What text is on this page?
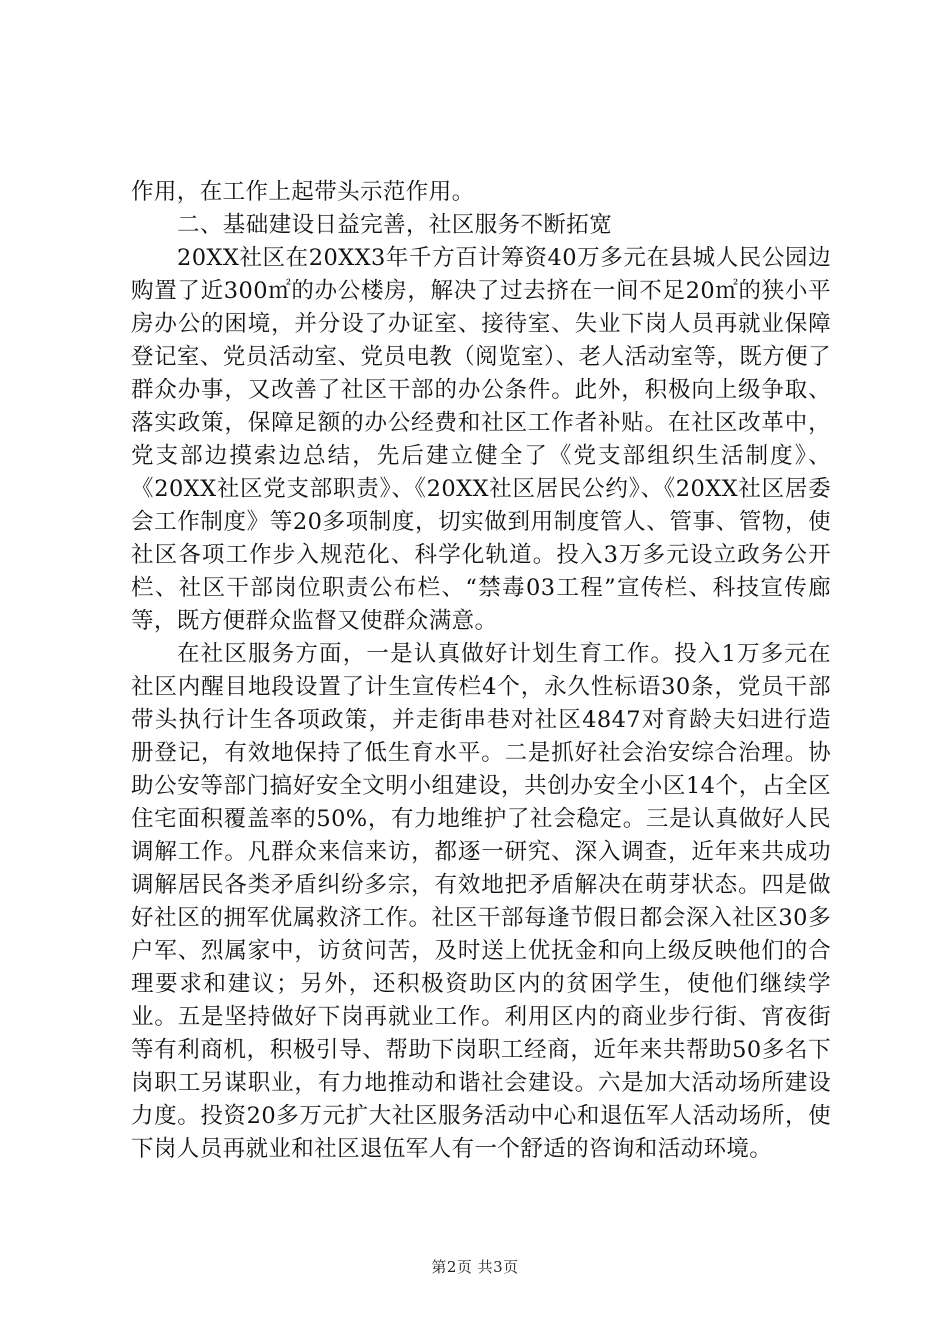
作用，在工作上起带头示范作用。

二、基础建设日益完善，社区服务不断拓宽

20XX社区在20XX3年千方百计筹资40万多元在县城人民公园边购置了近300㎡的办公楼房，解决了过去挤在一间不足20㎡的狭小平房办公的困境，并分设了办证室、接待室、失业下岗人员再就业保障登记室、党员活动室、党员电教（阅览室）、老人活动室等，既方便了群众办事，又改善了社区干部的办公条件。此外，积极向上级争取、落实政策，保障足额的办公经费和社区工作者补贴。在社区改革中，党支部边摸索边总结，先后建立健全了《党支部组织生活制度》、《20XX社区党支部职责》、《20XX社区居民公约》、《20XX社区居委会工作制度》等20多项制度，切实做到用制度管人、管事、管物，使社区各项工作步入规范化、科学化轨道。投入3万多元设立政务公开栏、社区干部岗位职责公布栏、“禁毒03工程”宣传栏、科技宣传廊等，既方便群众监督又使群众满意。

在社区服务方面，一是认真做好计划生育工作。投入1万多元在社区内醒目地段设置了计生宣传栏4个，永久性标语30条，党员干部带头执行计生各项政策，并走街串巷对社区4847对育龄夫妇进行造册登记，有效地保持了低生育水平。二是抓好社会治安综合治理。协助公安等部门搞好安全文明小组建设，共创办安全小区14个，占全区住宅面积覆盖率的50%，有力地维护了社会稳定。三是认真做好人民调解工作。凡群众来信来访，都逐一研究、深入调查，近年来共成功调解居民各类矛盾纠纷多宗，有效地把矛盾解决在萌芽状态。四是做好社区的拥军优属救济工作。社区干部每逢节假日都会深入社区30多户军、烈属家中，访贫问苦，及时送上优抚金和向上级反映他们的合理要求和建议；另外，还积极资助区内的贫困学生，使他们继续学业。五是坚持做好下岗再就业工作。利用区内的商业步行街、宵夜街等有利商机，积极引导、帮助下岗职工经商，近年来共帮助50多名下岗职工另谋职业，有力地推动和谐社会建设。六是加大活动场所建设力度。投资20多万元扩大社区服务活动中心和退伍军人活动场所，使下岗人员再就业和社区退伍军人有一个舒适的咨询和活动环境。

第2页 共3页
